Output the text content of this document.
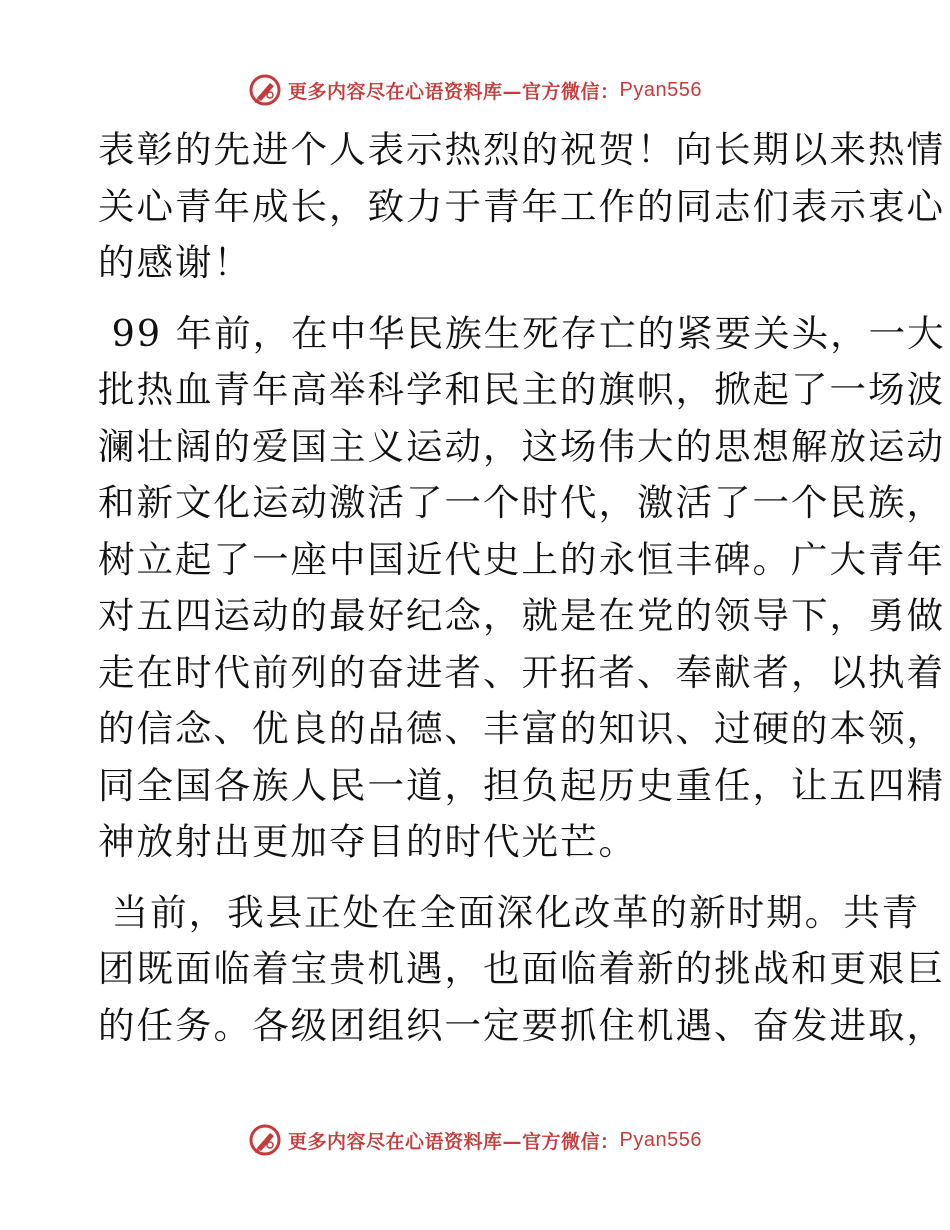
更多内容尽在心语资料库—官方微信： Pyan556

表彰的先进个人表示热烈的祝贺！向长期以来热情
关心青年成长，致力于青年工作的同志们表示衷心
的感谢！

99 年前，在中华民族生死存亡的紧要关头，一大
批热血青年高举科学和民主的旗帜，掀起了一场波
澜壮阔的爱国主义运动，这场伟大的思想解放运动
和新文化运动激活了一个时代，激活了一个民族，
树立起了一座中国近代史上的永恒丰碑。广大青年
对五四运动的最好纪念，就是在党的领导下，勇做
走在时代前列的奋进者、开拓者、奉献者，以执着
的信念、优良的品德、丰富的知识、过硬的本领，
同全国各族人民一道，担负起历史重任，让五四精
神放射出更加夺目的时代光芒。

当前，我县正处在全面深化改革的新时期。共青
团既面临着宝贵机遇，也面临着新的挑战和更艰巨
的任务。各级团组织一定要抓住机遇、奋发进取，

更多内容尽在心语资料库—官方微信： Pyan556
